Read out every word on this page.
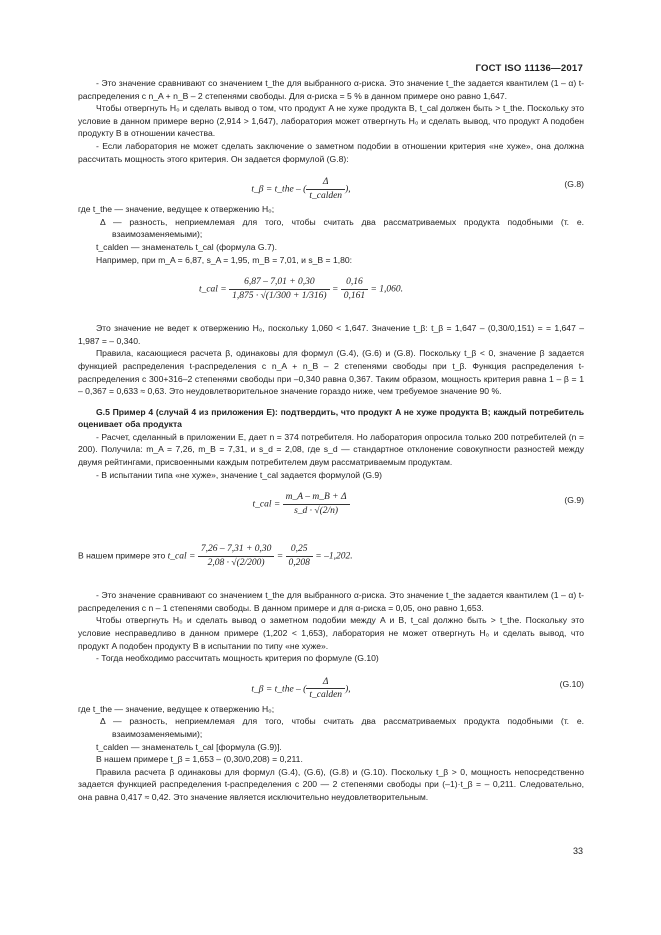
ГОСТ ISO 11136—2017

- Это значение сравнивают со значением t_the для выбранного α-риска. Это значение t_the задается квантилем (1 – α) t-распределения с n_A + n_B – 2 степенями свободы. Для α-риска = 5 % в данном примере оно равно 1,647.

Чтобы отвергнуть H₀ и сделать вывод о том, что продукт A не хуже продукта B, t_cal должен быть > t_the. Поскольку это условие в данном примере верно (2,914 > 1,647), лаборатория может отвергнуть H₀ и сделать вывод, что продукт A подобен продукту B в отношении качества.

- Если лаборатория не может сделать заключение о заметном подобии в отношении критерия «не хуже», она должна рассчитать мощность этого критерия. Он задается формулой (G.8):

t_β = t_the – ( $\frac{\Delta}{\text{t\_calden}}$ ),
(G.8)

где t_the — значение, ведущее к отвержению H₀;

Δ — разность, неприемлемая для того, чтобы считать два рассматриваемых продукта подобными (т. е. взаимозаменяемыми);

t_calden — знаменатель t_cal (формула G.7).

Например, при m_A = 6,87, s_A = 1,95, m_B = 7,01, и s_B = 1,80:

t_cal = $\frac{6,87 - 7,01 + 0,30}{1,875 \cdot √(1/300 + 1/316)} = \frac{0,16}{0,161} = 1,060$.

Это значение не ведет к отвержению H₀, поскольку 1,060 < 1,647. Значение t_β: t_β = 1,647 – (0,30/0,151) = = 1,647 – 1,987 = – 0,340.

Правила, касающиеся расчета β, одинаковы для формул (G.4), (G.6) и (G.8). Поскольку t_β < 0, значение β задается функцией распределения t-распределения с n_A + n_B – 2 степенями свободы при t_β. Функция распределения t-распределения с 300+316–2 степенями свободы при –0,340 равна 0,367. Таким образом, мощность критерия равна 1 – β = 1 – 0,367 = 0,633 ≈ 0,63. Это неудовлетворительное значение гораздо ниже, чем требуемое значение 90 %.

G.5 Пример 4 (случай 4 из приложения E): подтвердить, что продукт A не хуже продукта B; каждый потребитель оценивает оба продукта

- Расчет, сделанный в приложении E, дает n = 374 потребителя. Но лаборатория опросила только 200 потребителей (n = 200). Получила: m_A = 7,26, m_B = 7,31, и s_d = 2,08, где s_d — стандартное отклонение совокупности разностей между двумя рейтингами, присвоенными каждым потребителем двум рассматриваемым продуктам.

- В испытании типа «не хуже», значение t_cal задается формулой (G.9)

t_cal = $\frac{m\_A - m\_B + \Delta}{s\_d \cdot √(2/n)}$	(G.9)
В нашем примере это t_cal = $\frac{7,26 - 7,31 + 0,30}{2,08 \cdot √(2/200)} = \frac{0,25}{0,208} = -1,202$.

- Это значение сравнивают со значением t_the для выбранного α-риска. Это значение t_the задается квантилем (1 – α) t-распределения с n – 1 степенями свободы. В данном примере и для α-риска = 0,05, оно равно 1,653.

Чтобы отвергнуть H₀ и сделать вывод о заметном подобии между A и B, t_cal должно быть > t_the. Поскольку это условие несправедливо в данном примере (1,202 < 1,653), лаборатория не может отвергнуть H₀ и сделать вывод, что продукт A подобен продукту B в испытании по типу «не хуже».

- Тогда необходимо рассчитать мощность критерия по формуле (G.10)

t_β = t_the – ( $\frac{\Delta}{\text{t\_calden}}$ ),
(G.10)

где t_the — значение, ведущее к отвержению H₀;

Δ — разность, неприемлемая для того, чтобы считать два рассматриваемых продукта подобными (т. е. взаимозаменяемыми);

t_calden — знаменатель t_cal [формула (G.9)].

В нашем примере t_β = 1,653 – (0,30/0,208) = 0,211.

Правила расчета β одинаковы для формул (G.4), (G.6), (G.8) и (G.10). Поскольку t_β > 0, мощность непосредственно задается функцией распределения t-распределения с 200 — 2 степенями свободы при (–1)·t_β = – 0,211. Следовательно, она равна 0,417 ≈ 0,42. Это значение является исключительно неудовлетворительным.

33
